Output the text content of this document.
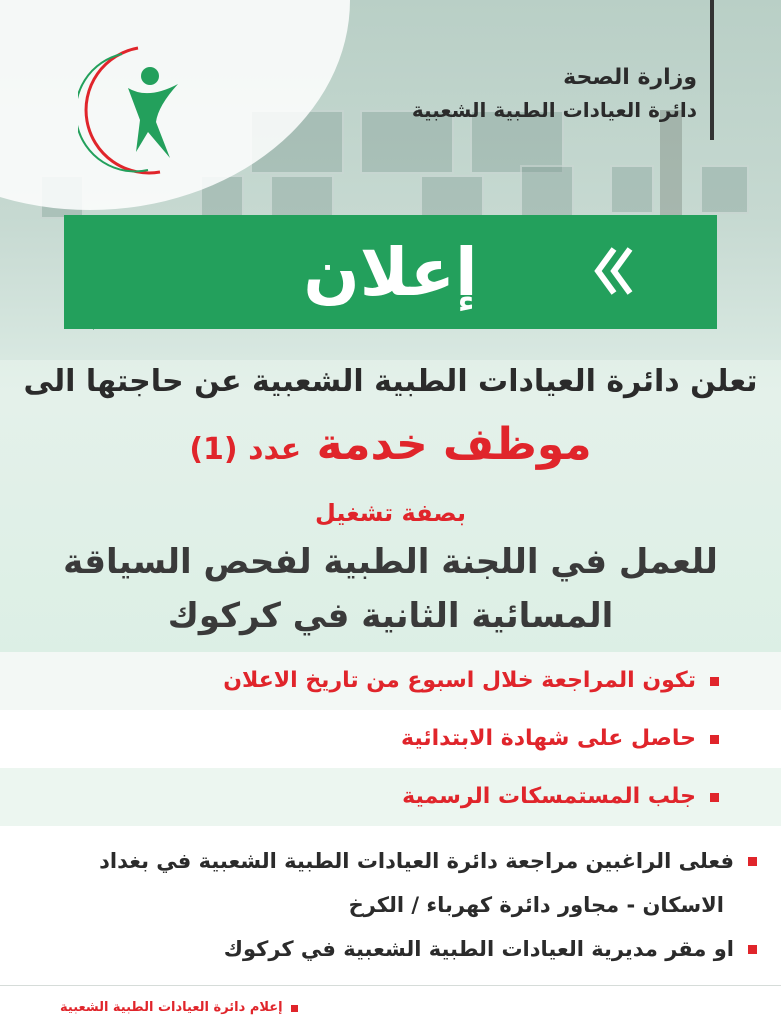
وزارة الصحة
دائرة العيادات الطبية الشعبية
إعلان
تعلن دائرة العيادات الطبية الشعبية عن حاجتها الى
موظف خدمة عدد (1)
بصفة تشغيل
للعمل في اللجنة الطبية لفحص السياقة
المسائية الثانية في كركوك
تكون المراجعة خلال اسبوع من تاريخ الاعلان
حاصل على شهادة الابتدائية
جلب المستمسكات الرسمية
فعلى الراغبين مراجعة دائرة العيادات الطبية الشعبية في بغداد
الاسكان - مجاور دائرة كهرباء / الكرخ
او مقر مديرية العيادات الطبية الشعبية في كركوك
إعلام دائرة العيادات الطبية الشعبية
